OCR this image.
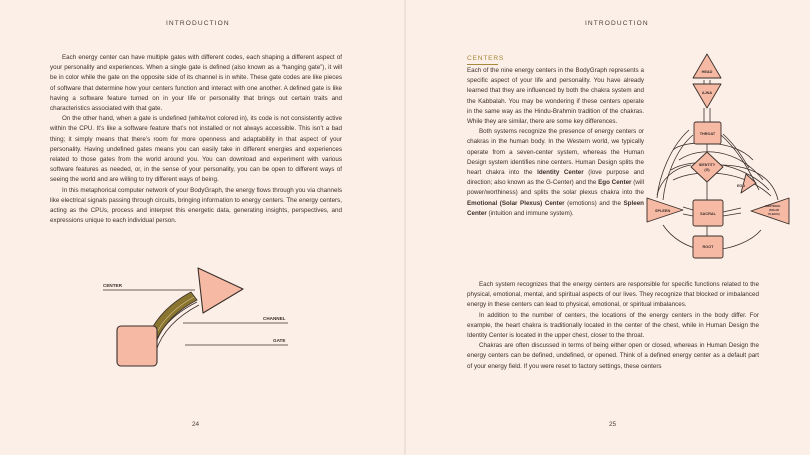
INTRODUCTION

Each energy center can have multiple gates with different codes, each shaping a different aspect of your personality and experiences. When a single gate is defined (also known as a “hanging gate”), it will be in color while the gate on the opposite side of its channel is in white. These gate codes are like pieces of software that determine how your centers function and interact with one another. A defined gate is like having a software feature turned on in your life or personality that brings out certain traits and characteristics associated with that gate.

On the other hand, when a gate is undefined (white/not colored in), its code is not consistently active within the CPU. It’s like a software feature that’s not installed or not always accessible. This isn’t a bad thing; it simply means that there’s room for more openness and adaptability in that aspect of your personality. Having undefined gates means you can easily take in different energies and experiences related to those gates from the world around you. You can download and experiment with various software features as needed, or, in the sense of your personality, you can be open to different ways of seeing the world and are willing to try different ways of being.

In this metaphorical computer network of your BodyGraph, the energy flows through you via channels like electrical signals passing through circuits, bringing information to energy centers. The energy centers, acting as the CPUs, process and interpret this energetic data, generating insights, perspectives, and expressions unique to each individual person.

CENTER
CHANNEL
GATE
24
INTRODUCTION
CENTERS

Each of the nine energy centers in the BodyGraph represents a specific aspect of your life and personality. You have already learned that they are influenced by both the chakra system and the Kabbalah. You may be wondering if these centers operate in the same way as the Hindu-Brahmin tradition of the chakras. While they are similar, there are some key differences.

Both systems recognize the presence of energy centers or chakras in the human body. In the Western world, we typically operate from a seven-center system, whereas the Human Design system identifies nine centers. Human Design splits the heart chakra into the Identity Center (love purpose and direction; also known as the G-Center) and the Ego Center (will power/worthiness) and splits the solar plexus chakra into the Emotional (Solar Plexus) Center (emotions) and the Spleen Center (intuition and immune system).

HEAD
AJNA
THROAT
IDENTITY
(G)
EGO
SPLEEN
SACRAL
EMOTIONAL
(SOLAR
PLEXUS)
ROOT

Each system recognizes that the energy centers are responsible for specific functions related to the physical, emotional, mental, and spiritual aspects of our lives. They recognize that blocked or imbalanced energy in these centers can lead to physical, emotional, or spiritual imbalances.

In addition to the number of centers, the locations of the energy centers in the body differ. For example, the heart chakra is traditionally located in the center of the chest, while in Human Design the Identity Center is located in the upper chest, closer to the throat.

Chakras are often discussed in terms of being either open or closed, whereas in Human Design the energy centers can be defined, undefined, or opened. Think of a defined energy center as a default part of your energy field. If you were reset to factory settings, these centers

25
